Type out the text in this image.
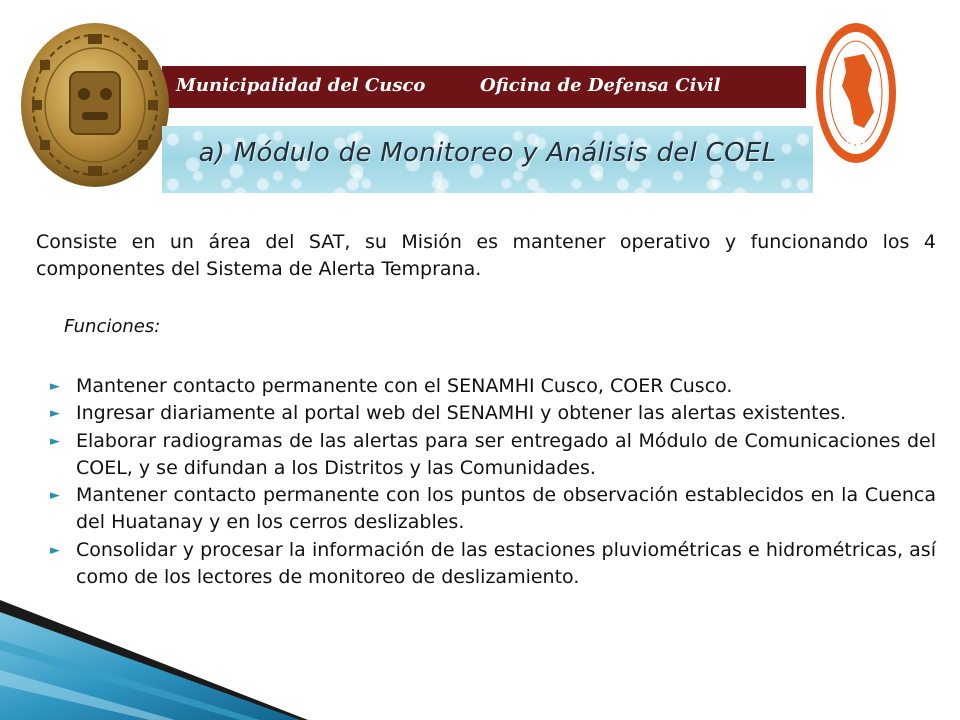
Municipalidad del Cusco	Oficina de Defensa Civil
PERU
a) Módulo de Monitoreo y Análisis del COEL
Consiste en un área del SAT, su Misión es mantener operativo y funcionando los 4 componentes del Sistema de Alerta Temprana.
Funciones:
► Mantener contacto permanente con el SENAMHI Cusco, COER Cusco.
► Ingresar diariamente al portal web del SENAMHI y obtener las alertas existentes.
► Elaborar radiogramas de las alertas para ser entregado al Módulo de Comunicaciones del COEL, y se difundan a los Distritos y las Comunidades.
► Mantener contacto permanente con los puntos de observación establecidos en la Cuenca del Huatanay y en los cerros deslizables.
► Consolidar y procesar la información de las estaciones pluviométricas e hidrométricas, así como de los lectores de monitoreo de deslizamiento.
